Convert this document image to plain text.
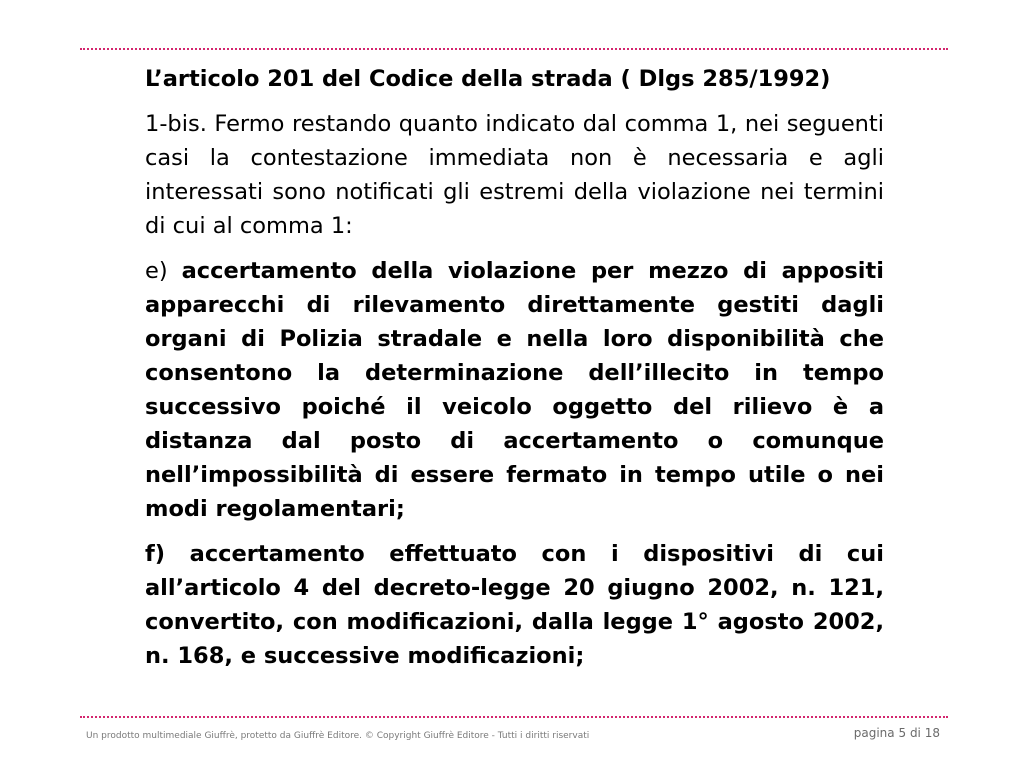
L’articolo 201 del Codice della strada ( Dlgs 285/1992)

1-bis. Fermo restando quanto indicato dal comma 1, nei seguenti casi la contestazione immediata non è necessaria e agli interessati sono notificati gli estremi della violazione nei termini di cui al comma 1:

e) accertamento della violazione per mezzo di appositi apparecchi di rilevamento direttamente gestiti dagli organi di Polizia stradale e nella loro disponibilità che consentono la determinazione dell’illecito in tempo successivo poiché il veicolo oggetto del rilievo è a distanza dal posto di accertamento o comunque nell’impossibilità di essere fermato in tempo utile o nei modi regolamentari;

f) accertamento effettuato con i dispositivi di cui all’articolo 4 del decreto-legge 20 giugno 2002, n. 121, convertito, con modificazioni, dalla legge 1° agosto 2002, n. 168, e successive modificazioni;

Un prodotto multimediale Giuffrè, protetto da Giuffrè Editore. © Copyright Giuffrè Editore - Tutti i diritti riservati	pagina 5 di 18
